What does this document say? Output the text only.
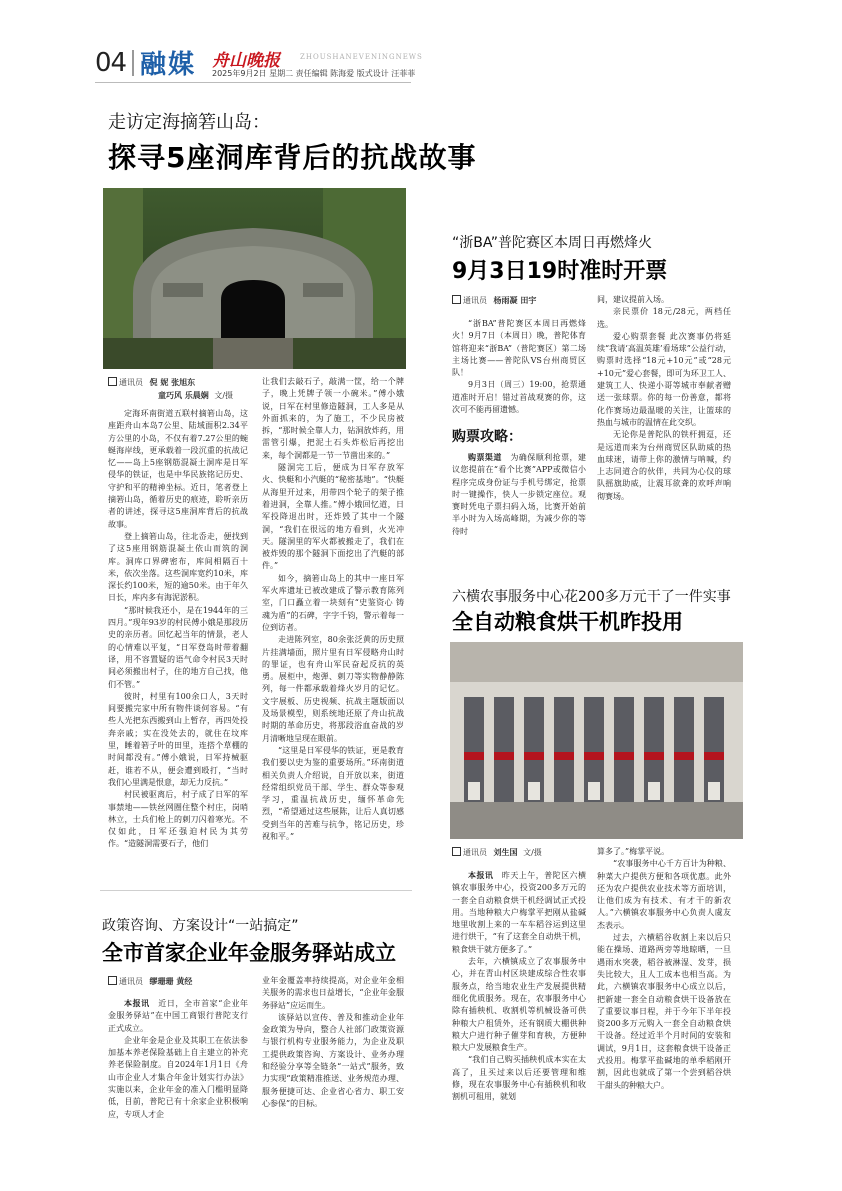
04 融媒 舟山晚报	ZHOUSHANEVENINGNEWS
2025年9月2日 星期二 责任编辑 陈海爱 版式设计 汪菲菲
走访定海摘箬山岛：
探寻5座洞库背后的抗战故事
通讯员 倪 妮 张旭东
童巧风 乐晨娴 文/摄

定海环南街道五联村摘箬山岛，这座距舟山本岛7公里、陆域面积2.34平方公里的小岛，不仅有着7.27公里的蜿蜒海岸线，更承载着一段沉重的抗战记忆——岛上5座钢筋混凝土洞库是日军侵华的铁证，也是中华民族铭记历史、守护和平的精神坐标。近日，笔者登上摘箬山岛，循着历史的痕迹，聆听亲历者的讲述，探寻这5座洞库背后的抗战故事。

登上摘箬山岛，往北岙走，便找到了这5座用钢筋混凝土依山而筑的洞库。洞库口界碑密布，库间相隔百十米，依次坐落。这些洞库宽约10米，库深长约100米，短的逾50米。由于年久日长，库内多有海泥淤积。

“那时候我还小，是在1944年的三四月。”现年93岁的村民傅小娥是那段历史的亲历者。回忆起当年的情景，老人的心情难以平复，“日军登岛时带着翻译，用不容置疑的语气命令村民3天时间必须搬出村子，住的地方自己找，他们不管。”

彼时，村里有100余口人，3天时间要搬完家中所有物件谈何容易。“有些人光把东西搬到山上暂存，再四处投奔亲戚；实在没处去的，就住在坟库里，睡着箬子叶的田里，连搭个草棚的时间都没有。”傅小娥说，日军持械驱赶，谁若不从，便会遭到殴打，“当时我们心里满是恨意，却无力反抗。”

村民被驱离后，村子成了日军的军事禁地——铁丝网圈住整个村庄，岗哨林立，士兵们枪上的刺刀闪着寒光。不仅如此，日军还强迫村民为其劳作。“造隧洞需要石子，他们

让我们去敲石子，敲满一筐，给一个牌子，晚上凭牌子领一小碗米。”傅小娥说，日军在村里修造隧洞，工人多是从外面抓来的，为了施工，不少民房被拆，“那时候全靠人力，钻洞放炸药，用雷管引爆，把泥土石头炸松后再挖出来，每个洞都是一节一节凿出来的。”

隧洞完工后，便成为日军存放军火、快艇和小汽艇的“秘密基地”。“快艇从海里开过来，用带四个轮子的架子推着进洞，全靠人推。”傅小娥回忆道，日军投降退出时，还炸毁了其中一个隧洞，“我们在很远的地方看到，火光冲天。隧洞里的军火都被搬走了，我们在被炸毁的那个隧洞下面挖出了汽艇的部件。”

如今，摘箬山岛上的其中一座日军军火库遗址已被改建成了警示教育陈列室，门口矗立着一块刻有“史鉴资心 铸魂为盾”的石碑，字字千钧，警示着每一位到访者。

走进陈列室，80余张泛黄的历史照片挂满墙面，照片里有日军侵略舟山时的罪证，也有舟山军民奋起反抗的英勇。展柜中，炮弹、刺刀等实物静静陈列，每一件都承载着烽火岁月的记忆。文字展板、历史视频、抗战主题版面以及场景模型，则系统地还原了舟山抗战时期的革命历史，将那段浴血奋战的岁月清晰地呈现在眼前。

“这里是日军侵华的铁证，更是教育我们要以史为鉴的重要场所。”环南街道相关负责人介绍说，自开放以来，街道经常组织党员干部、学生、群众等参观学习，重温抗战历史，缅怀革命先烈，“希望通过这些展陈，让后人真切感受到当年的苦难与抗争，铭记历史，珍视和平。”

政策咨询、方案设计“一站搞定”
全市首家企业年金服务驿站成立
通讯员 缪珊珊 黄经

本报讯　 近日，全市首家“企业年金服务驿站”在中国工商银行普陀支行正式成立。

企业年金是企业及其职工在依法参加基本养老保险基础上自主建立的补充养老保险制度。自2024年1月1日《舟山市企业人才集合年金计划实行办法》实施以来，企业年金的准入门槛明显降低，目前，普陀已有十余家企业积极响应，专项人才企

业年金覆盖率持续提高，对企业年金相关服务的需求也日益增长，“企业年金服务驿站”应运而生。

该驿站以宣传、普及和推动企业年金政策为导向，整合人社部门政策资源与银行机构专业服务能力，为企业及职工提供政策咨询、方案设计、业务办理和经验分享等全链条“一站式”服务，致力实现“政策精准推送、业务规范办理、服务便捷可达、企业省心省力、职工安心参保”的目标。

“浙BA”普陀赛区本周日再燃烽火
9月3日19时准时开票
通讯员 杨雨凝 田宇

“浙BA”普陀赛区本周日再燃烽火！9月7日（本周日）晚，普陀体育馆将迎来“浙BA”（普陀赛区）第二场主场比赛——普陀队VS台州商贸区队！

9月3日（周三）19:00，抢票通道准时开启！错过首战观赛的你，这次可不能再留遗憾。

购票攻略：

购票渠道　 为确保顺利抢票，建议您提前在“看个比赛”APP或微信小程序完成身份证与手机号绑定，抢票时一键操作，快人一步锁定座位。观赛时凭电子票扫码入场，比赛开始前半小时为入场高峰期，为减少你的等待时

间，建议提前入场。

亲民票价 18元/28元，两档任选。

爱心购票套餐 此次赛事仍将延续“我请‘高温英雄’看场球”公益行动，购票时选择“18元+10元”或“28元+10元”爱心套餐，即可为环卫工人、建筑工人、快递小哥等城市奉献者赠送一张球票。你的每一份善意，都将化作赛场边最温暖的关注，让篮球的热血与城市的温情在此交织。

无论你是普陀队的铁杆拥趸，还是远道而来为台州商贸区队助威的热血球迷，请带上你的激情与呐喊，约上志同道合的伙伴，共同为心仪的球队摇旗助威，让震耳欲聋的欢呼声响彻赛场。

六横农事服务中心花200多万元干了一件实事
全自动粮食烘干机昨投用
通讯员 刘生国 文/摄

本报讯　 昨天上午，普陀区六横镇农事服务中心，投资200多万元的一套全自动粮食烘干机经调试正式投用。当地种粮大户梅掌平把刚从盐碱地里收割上来的一车车稻谷运到这里进行烘干，“有了这套全自动烘干机，粮食烘干就方便多了。”

去年，六横镇成立了农事服务中心，并在青山村区块建成综合性农事服务点，给当地农业生产发展提供精细化优质服务。现在，农事服务中心除有插秧机、收割机等机械设备可供种粮大户租赁外，还有钢质大棚供种粮大户进行种子催芽和育秧，方便种粮大户发展粮食生产。

“我们自己购买插秧机成本实在太高了，且买过来以后还要管理和维修，现在农事服务中心有插秧机和收割机可租用，就划

算多了。”梅掌平说。

“农事服务中心千方百计为种粮、种菜大户提供方便和各项优惠。此外还为农户提供农业技术等方面培训，让他们成为有技术、有才干的新农人。”六横镇农事服务中心负责人虞友杰表示。

过去，六横稻谷收割上来以后只能在操场、道路两旁等地晾晒，一旦遇雨水突袭，稻谷被淋湿、发芽，损失比较大，且人工成本也相当高。为此，六横镇农事服务中心成立以后，把新建一套全自动粮食烘干设备放在了重要议事日程，并于今年下半年投资200多万元购入一套全自动粮食烘干设备。经过近半个月时间的安装和调试，9月1日，这套粮食烘干设备正式投用。梅掌平盐碱地的单季稻刚开割，因此也就成了第一个尝到稻谷烘干甜头的种粮大户。
